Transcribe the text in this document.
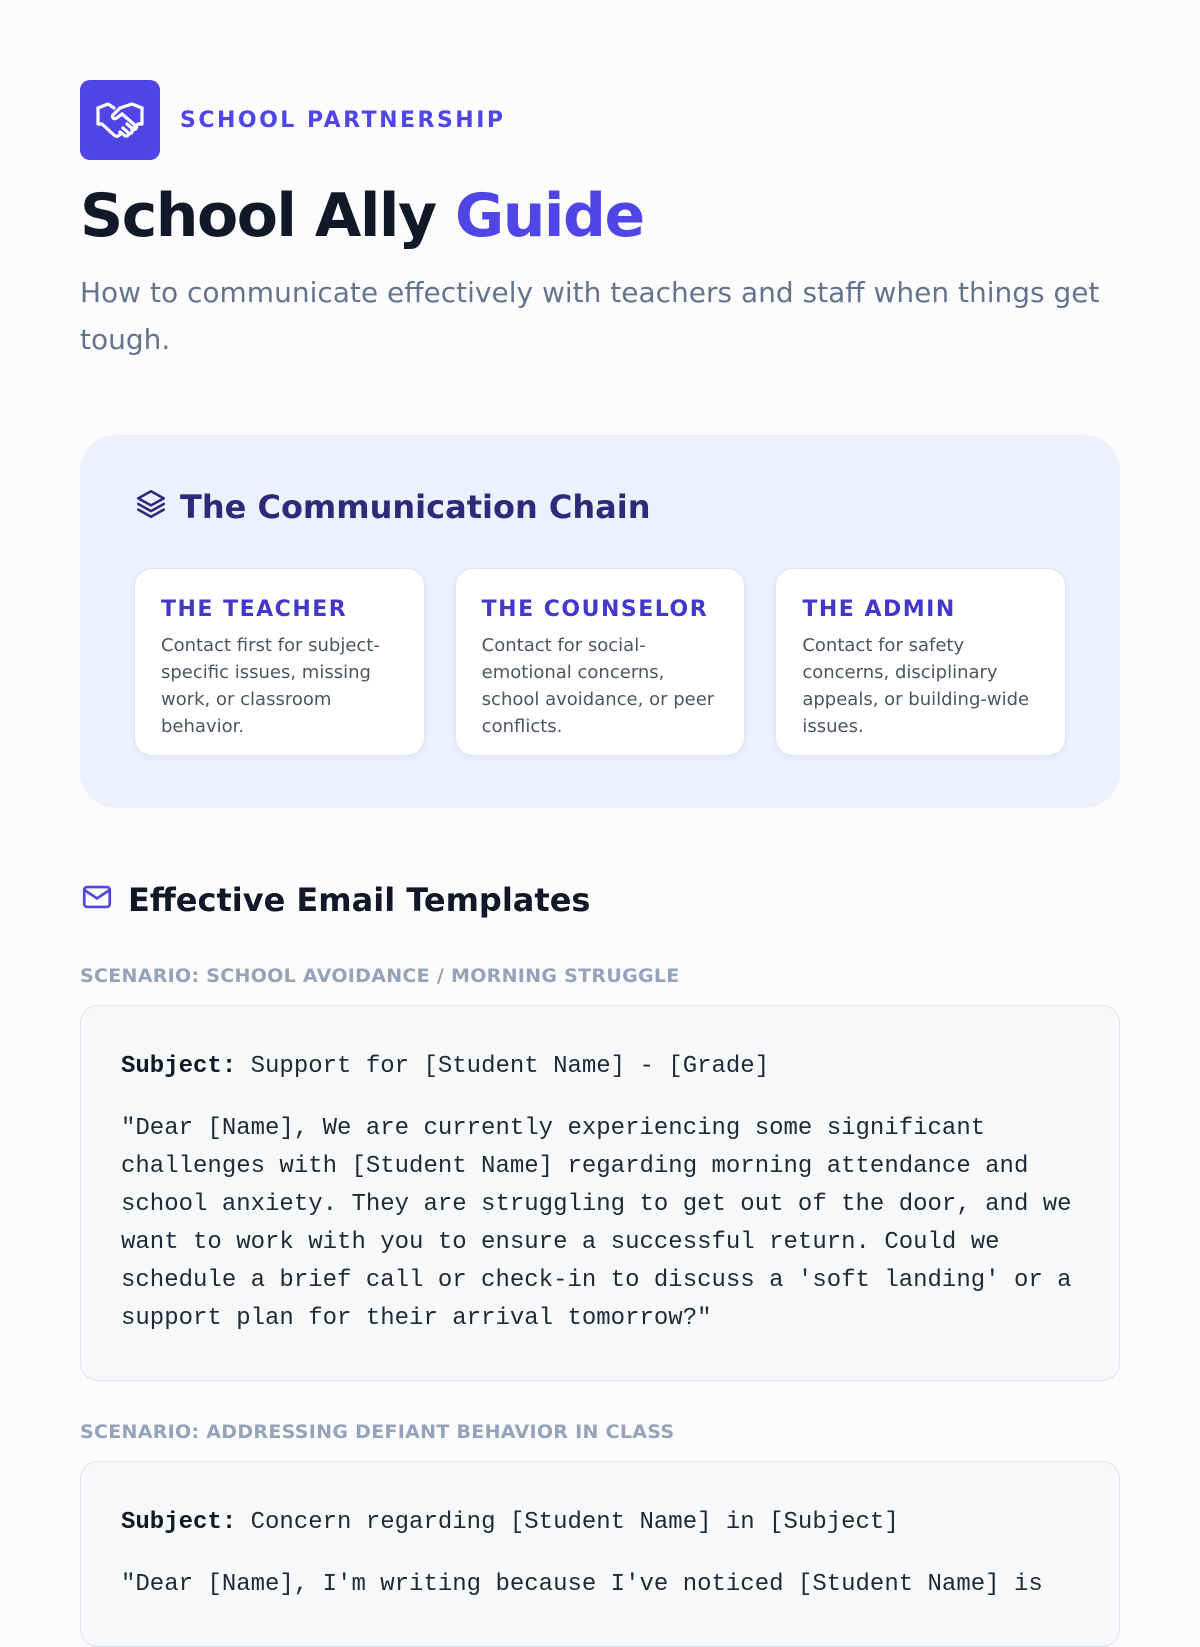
SCHOOL PARTNERSHIP
School Ally Guide

How to communicate effectively with teachers and staff when things get tough.

The Communication Chain
THE TEACHER
Contact first for subject-specific issues, missing work, or classroom behavior.
THE COUNSELOR
Contact for social-emotional concerns, school avoidance, or peer conflicts.
THE ADMIN
Contact for safety concerns, disciplinary appeals, or building-wide issues.
Effective Email Templates
SCENARIO: SCHOOL AVOIDANCE / MORNING STRUGGLE
Subject: Support for [Student Name] - [Grade]
"Dear [Name], We are currently experiencing some significant challenges with [Student Name] regarding morning attendance and school anxiety. They are struggling to get out of the door, and we want to work with you to ensure a successful return. Could we schedule a brief call or check-in to discuss a 'soft landing' or a support plan for their arrival tomorrow?"
SCENARIO: ADDRESSING DEFIANT BEHAVIOR IN CLASS
Subject: Concern regarding [Student Name] in [Subject]
"Dear [Name], I'm writing because I've noticed [Student Name] is
